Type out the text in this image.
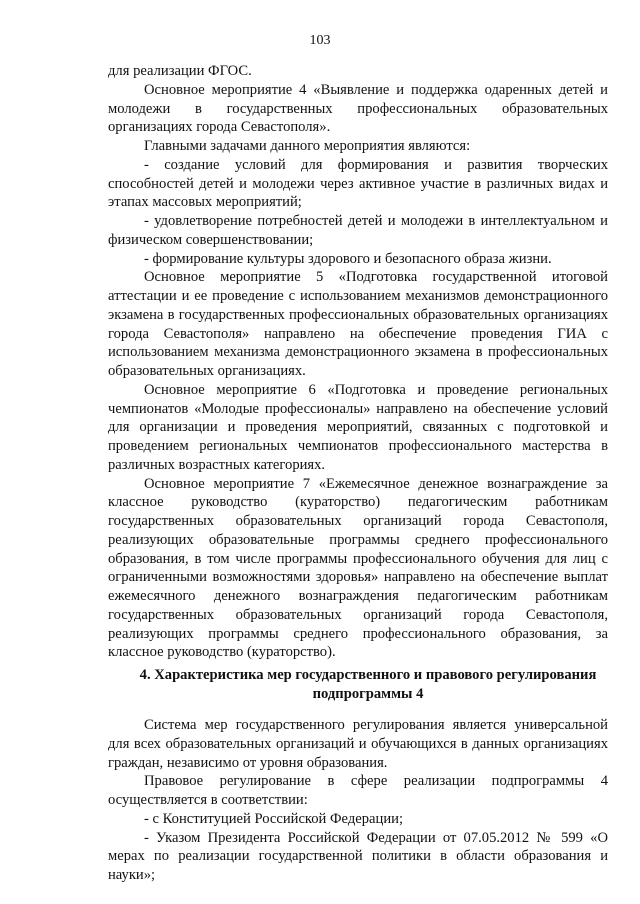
103

для реализации ФГОС.

Основное мероприятие 4 «Выявление и поддержка одаренных детей и молодежи в государственных профессиональных образовательных организациях города Севастополя».

Главными задачами данного мероприятия являются:

- создание условий для формирования и развития творческих способностей детей и молодежи через активное участие в различных видах и этапах массовых мероприятий;

- удовлетворение потребностей детей и молодежи в интеллектуальном и физическом совершенствовании;

- формирование культуры здорового и безопасного образа жизни.

Основное мероприятие 5 «Подготовка государственной итоговой аттестации и ее проведение с использованием механизмов демонстрационного экзамена в государственных профессиональных образовательных организациях города Севастополя» направлено на обеспечение проведения ГИА с использованием механизма демонстрационного экзамена в профессиональных образовательных организациях.

Основное мероприятие 6 «Подготовка и проведение региональных чемпионатов «Молодые профессионалы» направлено на обеспечение условий для организации и проведения мероприятий, связанных с подготовкой и проведением региональных чемпионатов профессионального мастерства в различных возрастных категориях.

Основное мероприятие 7 «Ежемесячное денежное вознаграждение за классное руководство (кураторство) педагогическим работникам государственных образовательных организаций города Севастополя, реализующих образовательные программы среднего профессионального образования, в том числе программы профессионального обучения для лиц с ограниченными возможностями здоровья» направлено на обеспечение выплат ежемесячного денежного вознаграждения педагогическим работникам государственных образовательных организаций города Севастополя, реализующих программы среднего профессионального образования, за классное руководство (кураторство).

4. Характеристика мер государственного и правового регулирования подпрограммы 4

Система мер государственного регулирования является универсальной для всех образовательных организаций и обучающихся в данных организациях граждан, независимо от уровня образования.

Правовое регулирование в сфере реализации подпрограммы 4 осуществляется в соответствии:

- с Конституцией Российской Федерации;

- Указом Президента Российской Федерации от 07.05.2012 № 599 «О мерах по реализации государственной политики в области образования и науки»;
